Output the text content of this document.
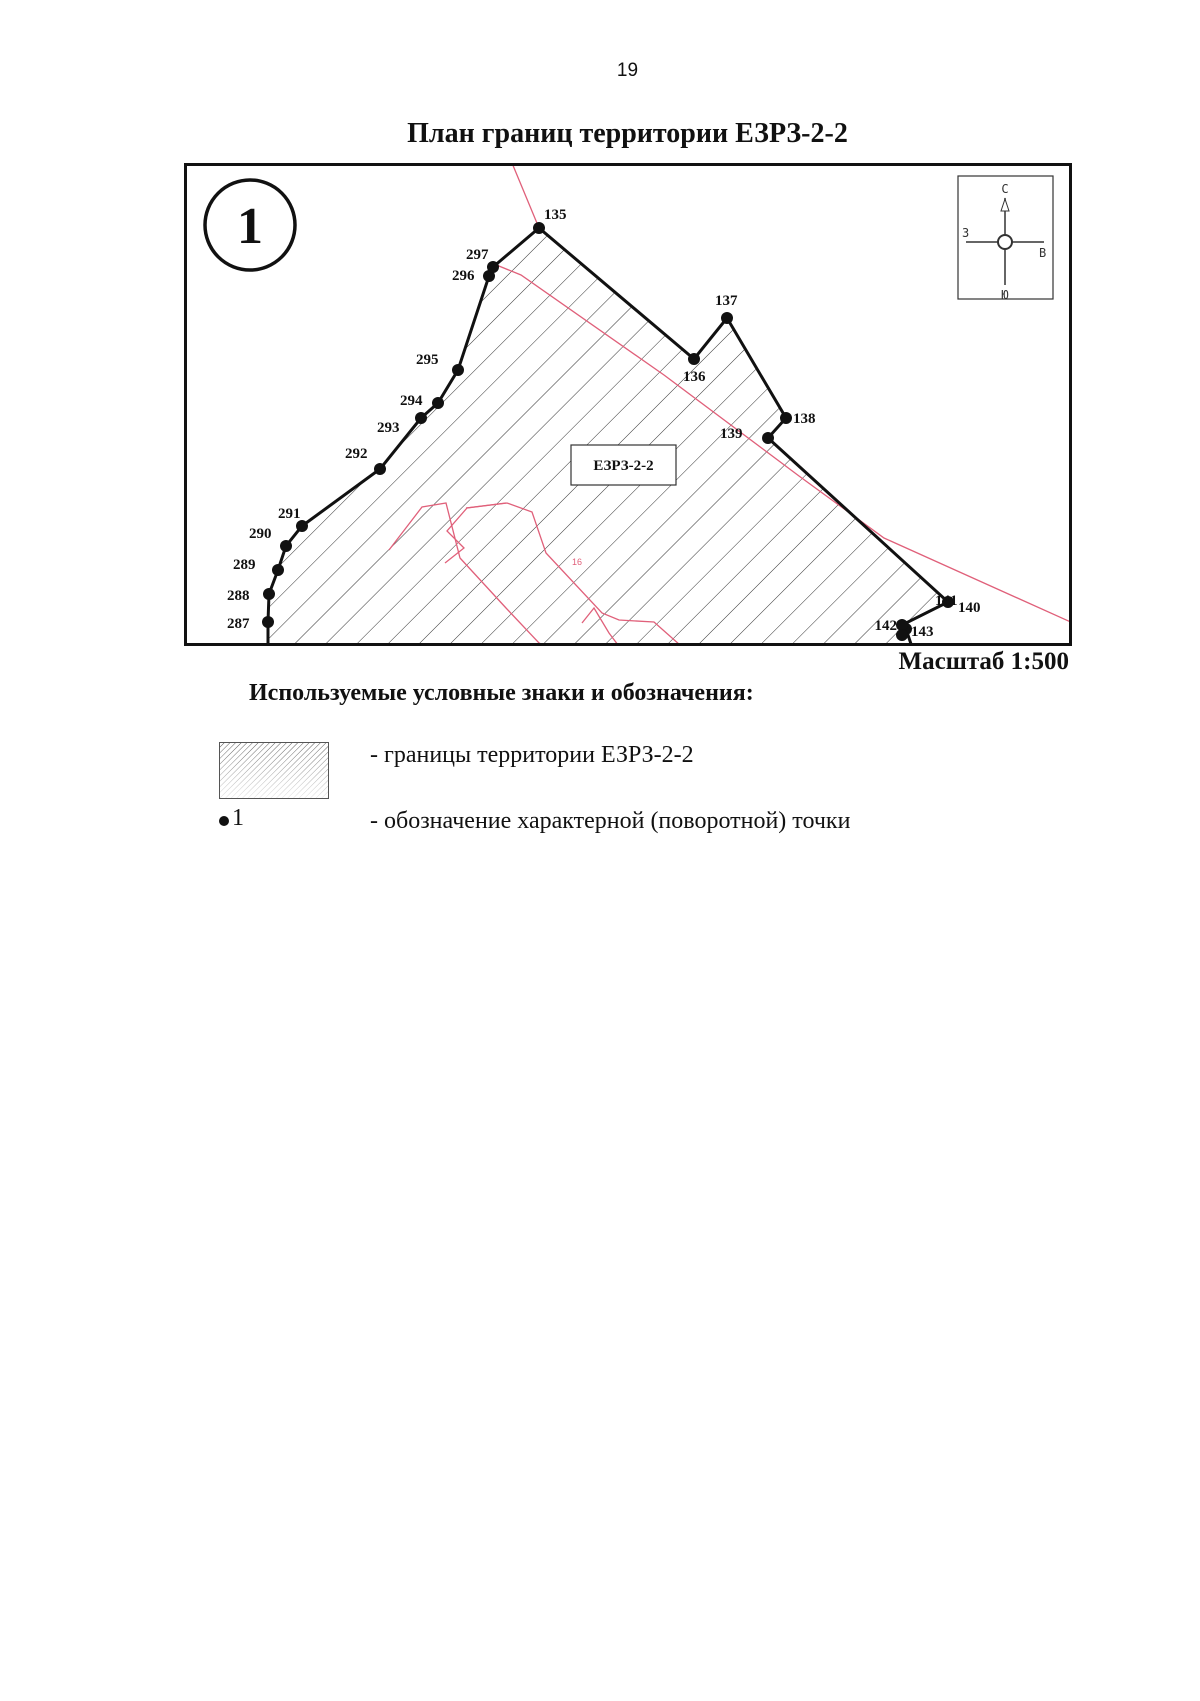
19
План границ территории ЕЗРЗ-2-2
1
С
Ю
З
В
ЕЗРЗ-2-2
16
135
136
137
138
139
140
141
142 143
287
288
289
290
291
292
293
294
295
296
297
Масштаб 1:500
Используемые условные знаки и обозначения:
- границы территории ЕЗРЗ-2-2
1	- обозначение характерной (поворотной) точки
